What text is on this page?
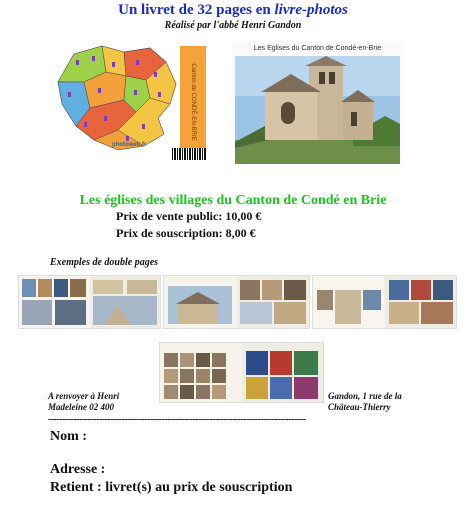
Un livret de 32 pages en livre-photos
Réalisé par l'abbé Henri Gandon
Canton de CONDÉ-EN-BRIE
photoweb.fr
Les Eglises du Canton de Condé-en-Brie
Les églises des villages du Canton de Condé en Brie
Prix de vente public: 10,00 €
Prix de souscription: 8,00 €
Exemples de double pages
A renvoyer à Henri
Madeleine 02 400
Gandon, 1 rue de la
Château-Thierry
-------------------------------------------------------------------------------------------
Nom :
Adresse :
Retient : livret(s) au prix de souscription
